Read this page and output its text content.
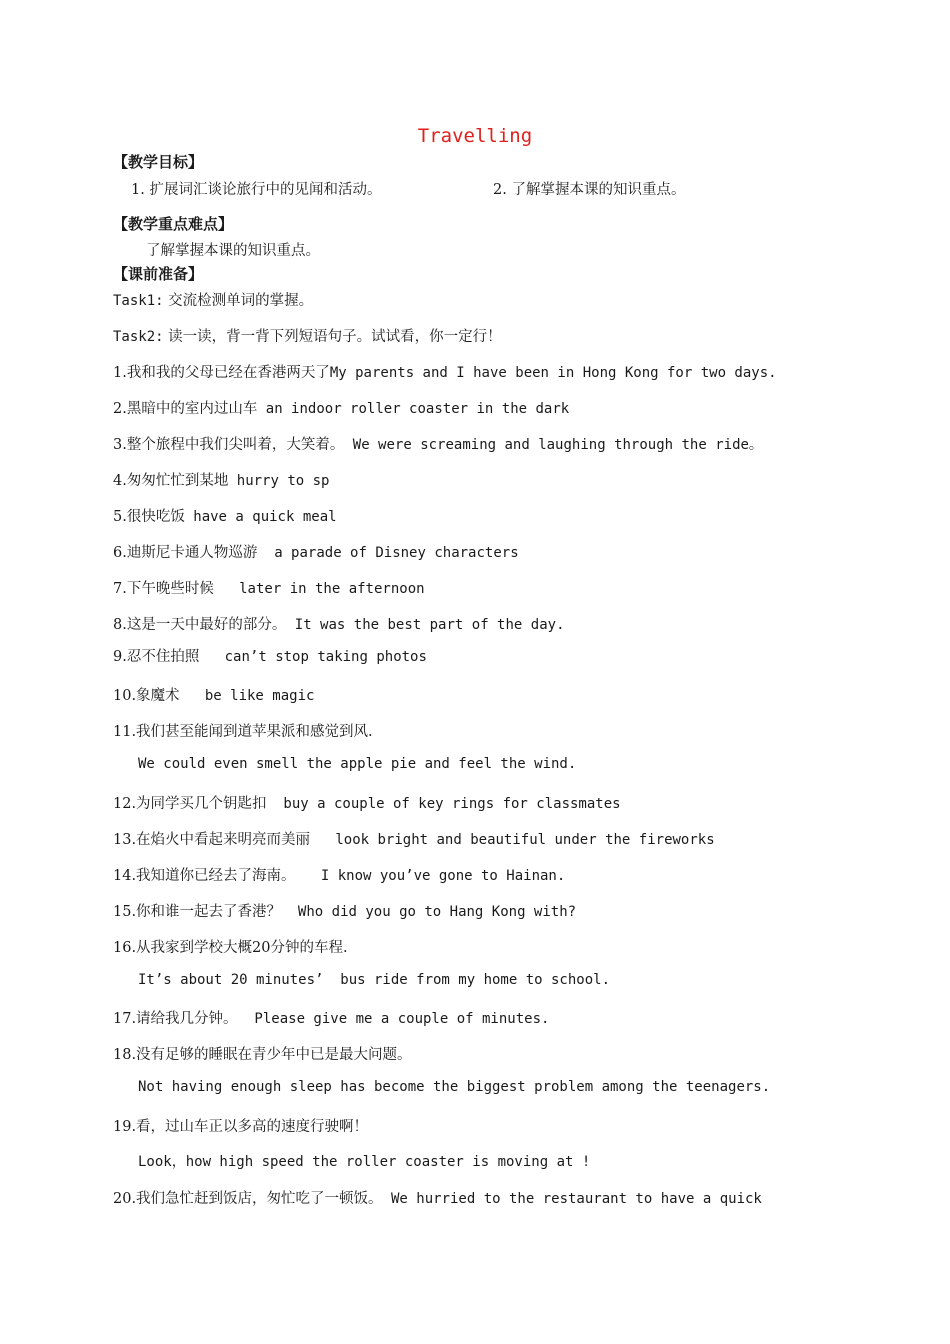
Travelling
【教学目标】
1. 扩展词汇谈论旅行中的见闻和活动。	2. 了解掌握本课的知识重点。
【教学重点难点】
了解掌握本课的知识重点。
【课前准备】
Task1: 交流检测单词的掌握。
Task2: 读一读，背一背下列短语句子。试试看，你一定行！
1.我和我的父母已经在香港两天了My parents and I have been in Hong Kong for two days.
2.黑暗中的室内过山车 an indoor roller coaster in the dark
3.整个旅程中我们尖叫着，大笑着。 We were screaming and laughing through the ride。
4.匆匆忙忙到某地 hurry to sp
5.很快吃饭 have a quick meal
6.迪斯尼卡通人物巡游  a parade of Disney characters
7.下午晚些时候   later in the afternoon
8.这是一天中最好的部分。 It was the best part of the day.
9.忍不住拍照   can’t stop taking photos
10.象魔术   be like magic
11.我们甚至能闻到道苹果派和感觉到风.
We could even smell the apple pie and feel the wind.
12.为同学买几个钥匙扣  buy a couple of key rings for classmates
13.在焰火中看起来明亮而美丽   look bright and beautiful under the fireworks
14.我知道你已经去了海南。   I know you’ve gone to Hainan.
15.你和谁一起去了香港？  Who did you go to Hang Kong with?
16.从我家到学校大概20分钟的车程.
It’s about 20 minutes’  bus ride from my home to school.
17.请给我几分钟。  Please give me a couple of minutes.
18.没有足够的睡眠在青少年中已是最大问题。
Not having enough sleep has become the biggest problem among the teenagers.
19.看，过山车正以多高的速度行驶啊！
Look，how high speed the roller coaster is moving at !
20.我们急忙赶到饭店，匆忙吃了一顿饭。 We hurried to the restaurant to have a quick
